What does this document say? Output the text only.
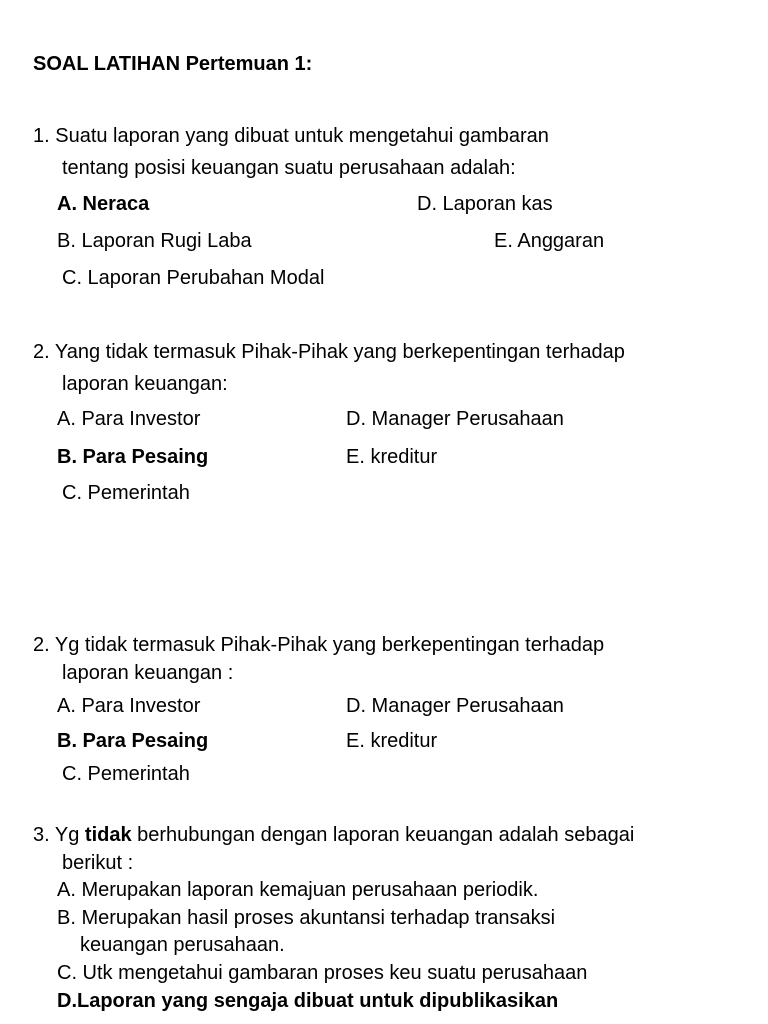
SOAL LATIHAN Pertemuan 1:
1. Suatu laporan yang dibuat untuk mengetahui gambaran
tentang posisi keuangan suatu perusahaan adalah:
A. Neraca	D. Laporan kas
B. Laporan Rugi Laba	E. Anggaran
C. Laporan Perubahan Modal
2. Yang tidak termasuk Pihak-Pihak yang berkepentingan terhadap
laporan keuangan:
A. Para Investor	D. Manager Perusahaan
B. Para Pesaing	E. kreditur
C. Pemerintah
2. Yg tidak termasuk Pihak-Pihak yang berkepentingan terhadap
laporan keuangan :
A. Para Investor	D. Manager Perusahaan
B. Para Pesaing	E. kreditur
C. Pemerintah
3. Yg tidak berhubungan dengan laporan keuangan adalah sebagai
berikut :
A. Merupakan laporan kemajuan perusahaan periodik.
B. Merupakan hasil proses akuntansi terhadap transaksi
keuangan perusahaan.
C. Utk mengetahui gambaran proses keu suatu perusahaan
D.Laporan yang sengaja dibuat untuk dipublikasikan
